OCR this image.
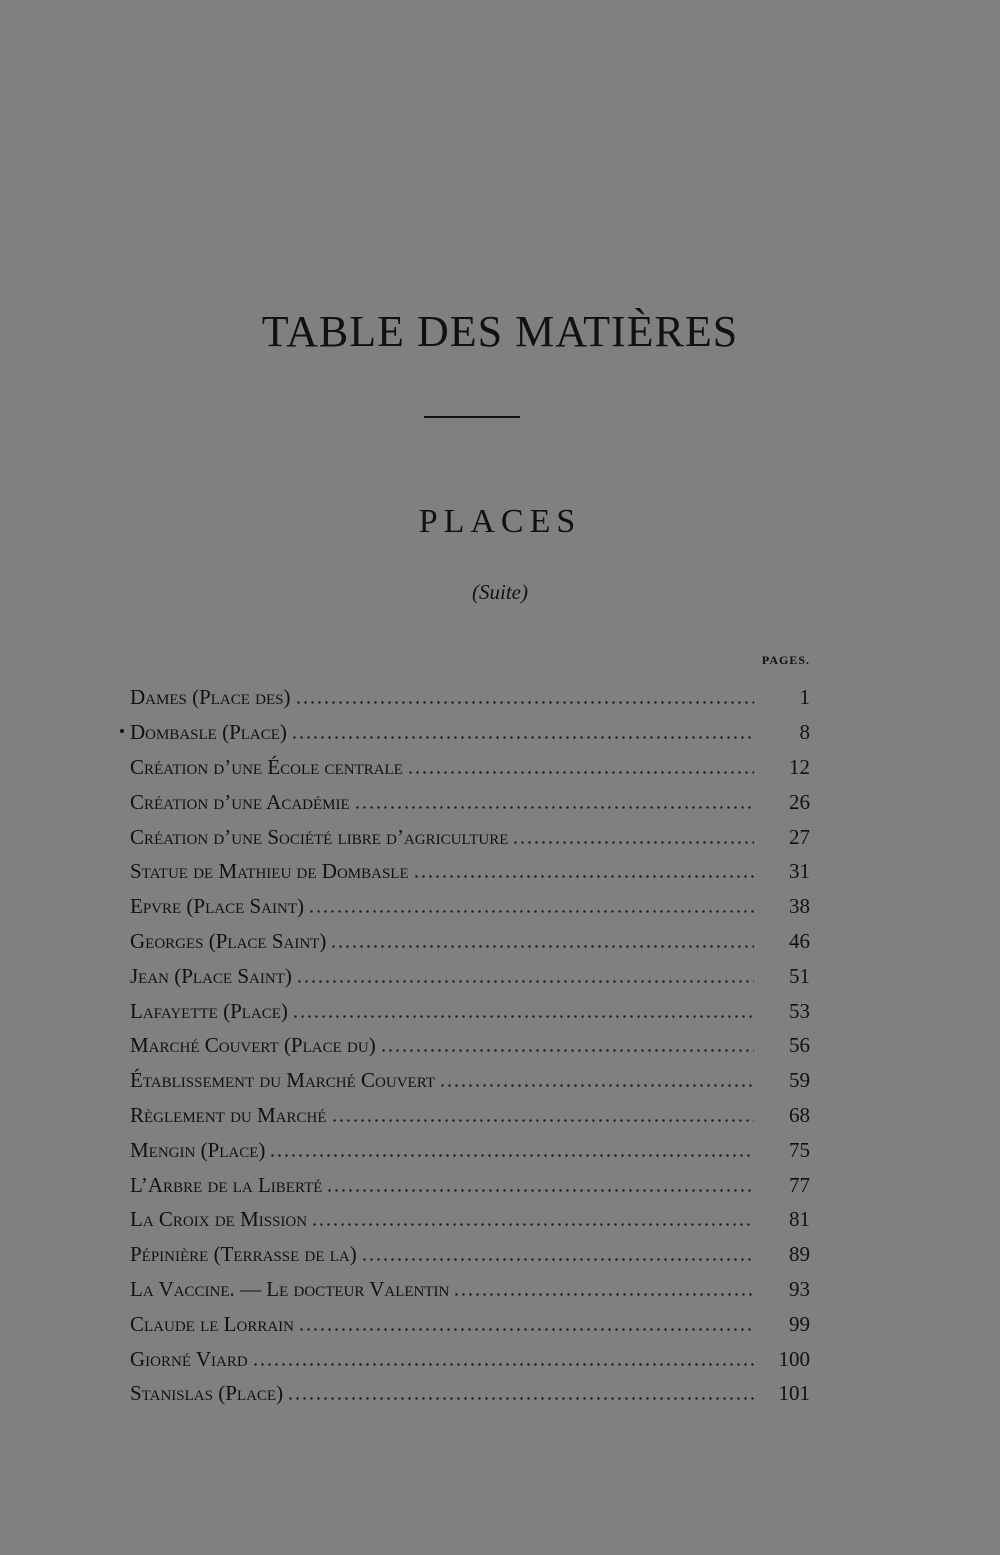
TABLE DES MATIÈRES
PLACES
(Suite)
PAGES.
Dames (Place des)	1
Dombasle (Place)	8
Création d’une École centrale	12
Création d’une Académie	26
Création d’une Société libre d’agriculture	27
Statue de Mathieu de Dombasle	31
Epvre (Place Saint)	38
Georges (Place Saint)	46
Jean (Place Saint)	51
Lafayette (Place)	53
Marché Couvert (Place du)	56
Établissement du Marché Couvert	59
Règlement du Marché	68
Mengin (Place)	75
L’Arbre de la Liberté	77
La Croix de Mission	81
Pépinière (Terrasse de la)	89
La Vaccine. — Le docteur Valentin	93
Claude le Lorrain	99
Giorné Viard	100
Stanislas (Place)	101
